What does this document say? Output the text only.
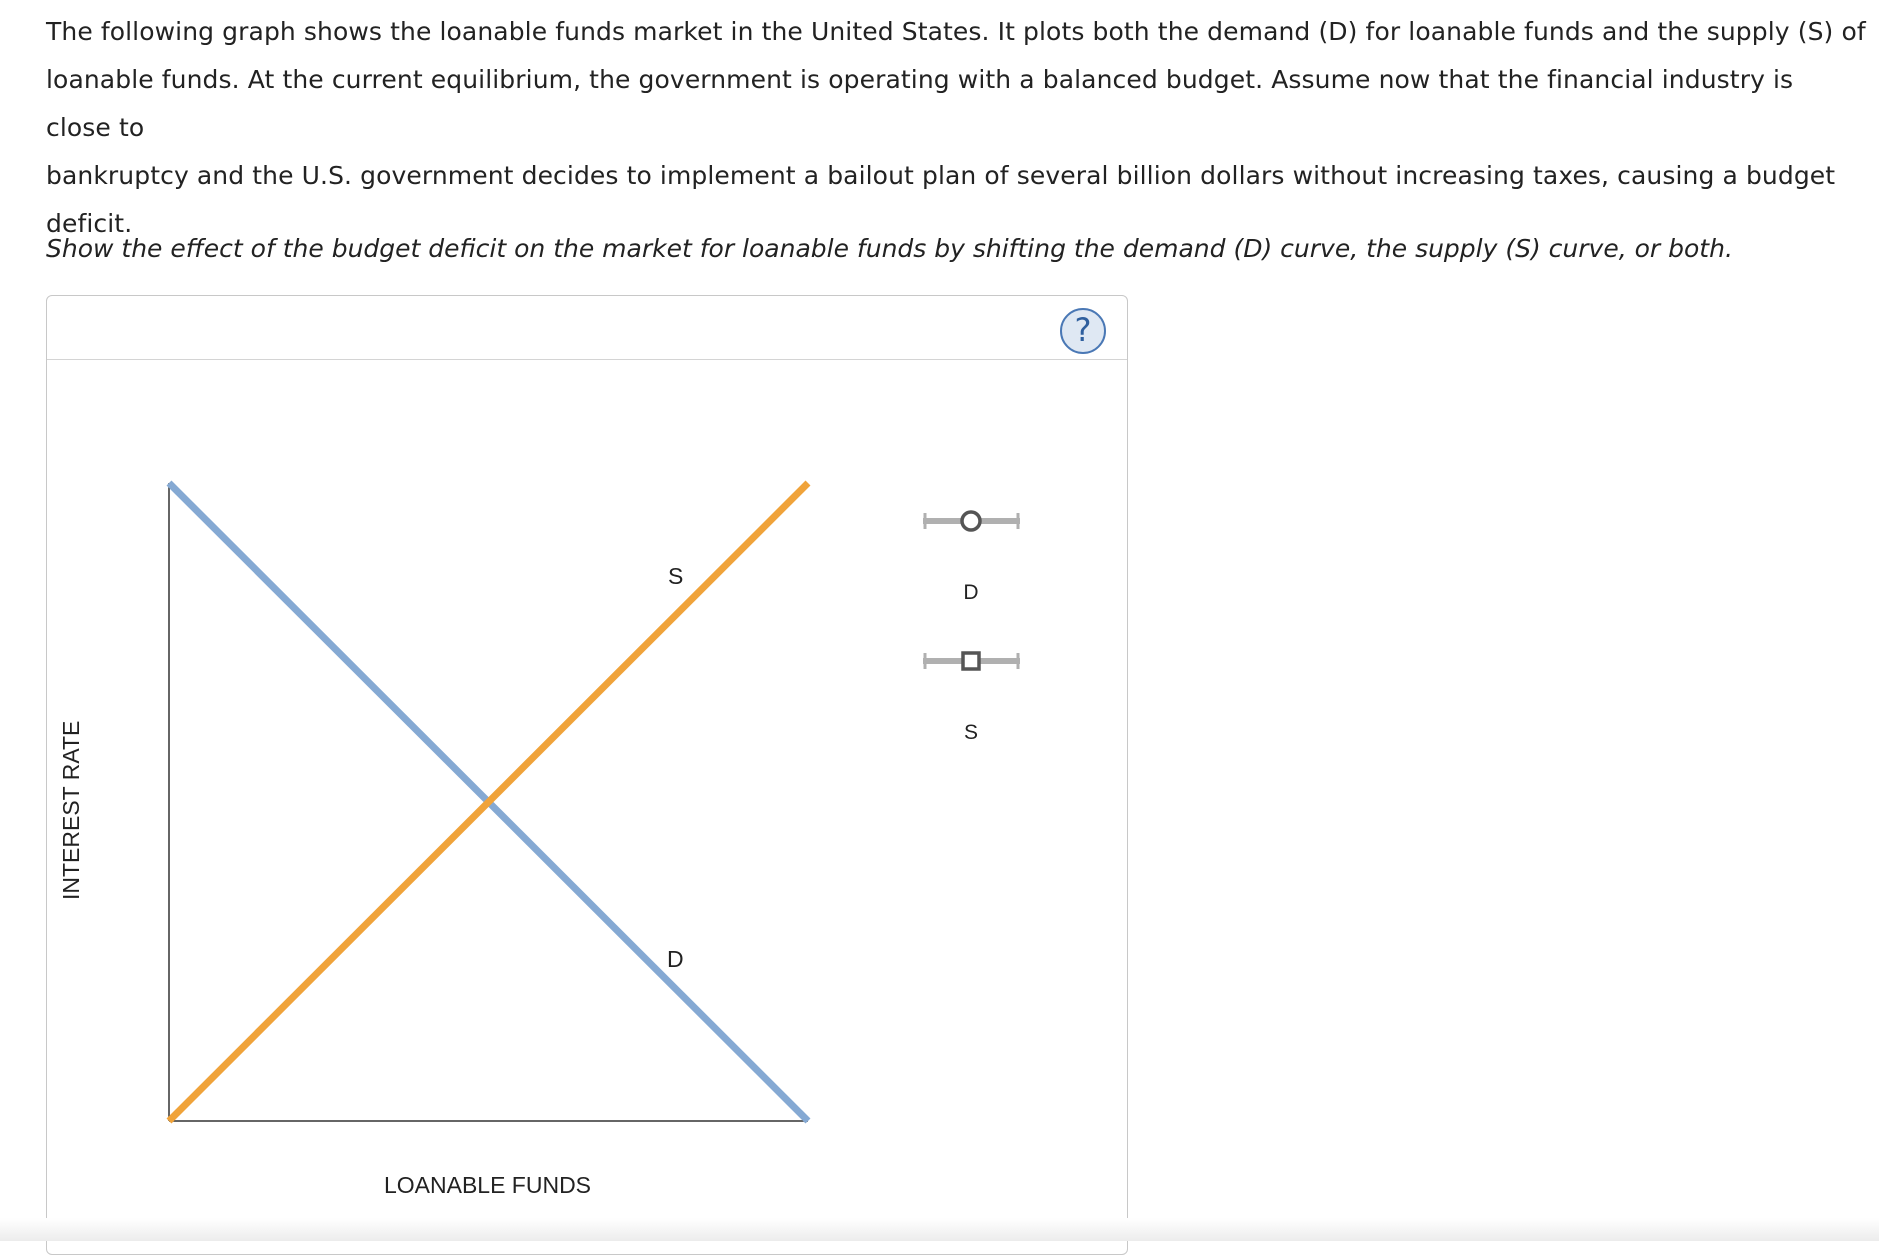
The following graph shows the loanable funds market in the United States. It plots both the demand (D) for loanable funds and the supply (S) of
loanable funds. At the current equilibrium, the government is operating with a balanced budget. Assume now that the financial industry is close to
bankruptcy and the U.S. government decides to implement a bailout plan of several billion dollars without increasing taxes, causing a budget deficit.
Show the effect of the budget deficit on the market for loanable funds by shifting the demand (D) curve, the supply (S) curve, or both.
?
INTEREST RATE
LOANABLE FUNDS
S
D
D
S
